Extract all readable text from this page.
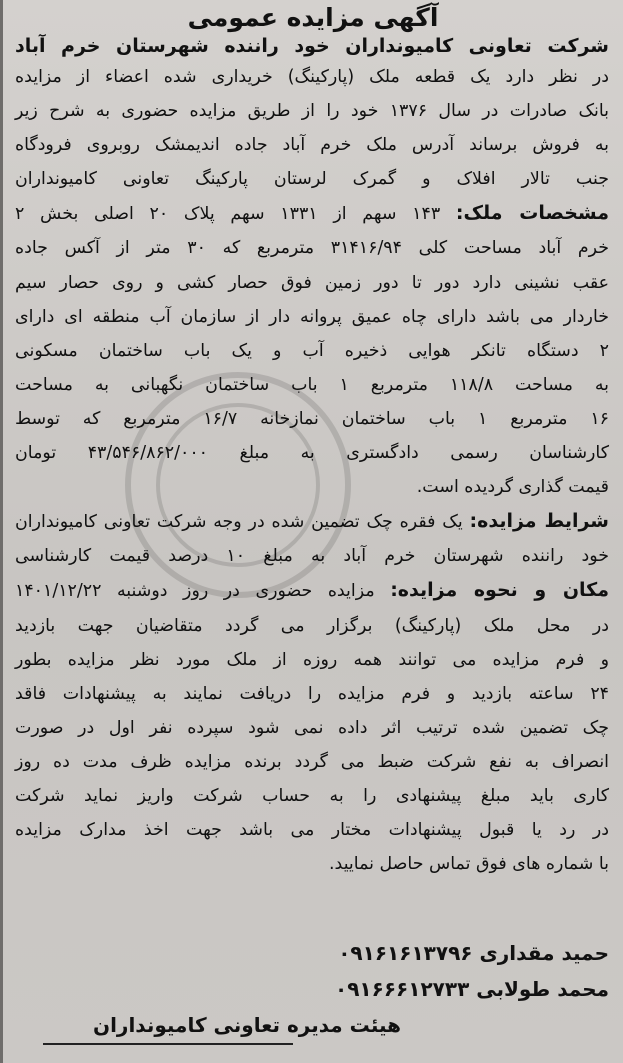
آگهی مزایده عمومی
شرکت تعاونی کامیونداران خود رانندە شهرستان خرم آباد
در نظر دارد یک قطعه ملک (پارکینگ) خریداری شده اعضاء از مزایده
بانک صادرات در سال ۱۳۷۶ خود را از طریق مزایده حضوری به شرح زیر
به فروش برساند آدرس ملک خرم آباد جاده اندیمشک روبروی فرودگاه
جنب تالار افلاک و گمرک لرستان پارکینگ تعاونی کامیونداران
مشخصات ملک: ۱۴۳ سهم از ۱۳۳۱ سهم پلاک ۲۰ اصلی بخش ۲
خرم آباد مساحت کلی ۳۱۴۱۶/۹۴ مترمربع که ۳۰ متر از آکس جاده
عقب نشینی دارد دور تا دور زمین فوق حصار کشی و روی حصار سیم
خاردار می باشد دارای چاه عمیق پروانه دار از سازمان آب منطقه ای دارای
۲ دستگاه تانکر هوایی ذخیره آب و یک باب ساختمان مسکونی
به مساحت ۱۱۸/۸ مترمربع ۱ باب ساختمان نگهبانی به مساحت
۱۶ مترمربع ۱ باب ساختمان نمازخانه ۱۶/۷ مترمربع که توسط
کارشناسان رسمی دادگستری به مبلغ ۴۳/۵۴۶/۸۶۲/۰۰۰ تومان
قیمت گذاری گردیده است.
شرایط مزایده: یک فقره چک تضمین شده در وجه شرکت تعاونی کامیونداران
خود رانندە شهرستان خرم آباد به مبلغ ۱۰ درصد قیمت کارشناسی
مکان و نحوه مزایده: مزایده حضوری در روز دوشنبه ۱۴۰۱/۱۲/۲۲
در محل ملک (پارکینگ) برگزار می گردد متقاضیان جهت بازدید
و فرم مزایده می توانند همه روزه از ملک مورد نظر مزایده بطور
۲۴ ساعته بازدید و فرم مزایده را دریافت نمایند به پیشنهادات فاقد
چک تضمین شده ترتیب اثر داده نمی شود سپرده نفر اول در صورت
انصراف به نفع شرکت ضبط می گردد برنده مزایده ظرف مدت ده روز
کاری باید مبلغ پیشنهادی را به حساب شرکت واریز نماید شرکت
در رد یا قبول پیشنهادات مختار می باشد جهت اخذ مدارک مزایده
با شماره های فوق تماس حاصل نمایید.
حمید مقداری ۰۹۱۶۱۶۱۳۷۹۶
محمد طولابی ۰۹۱۶۶۶۱۲۷۳۳
هیئت مدیره تعاونی کامیونداران
